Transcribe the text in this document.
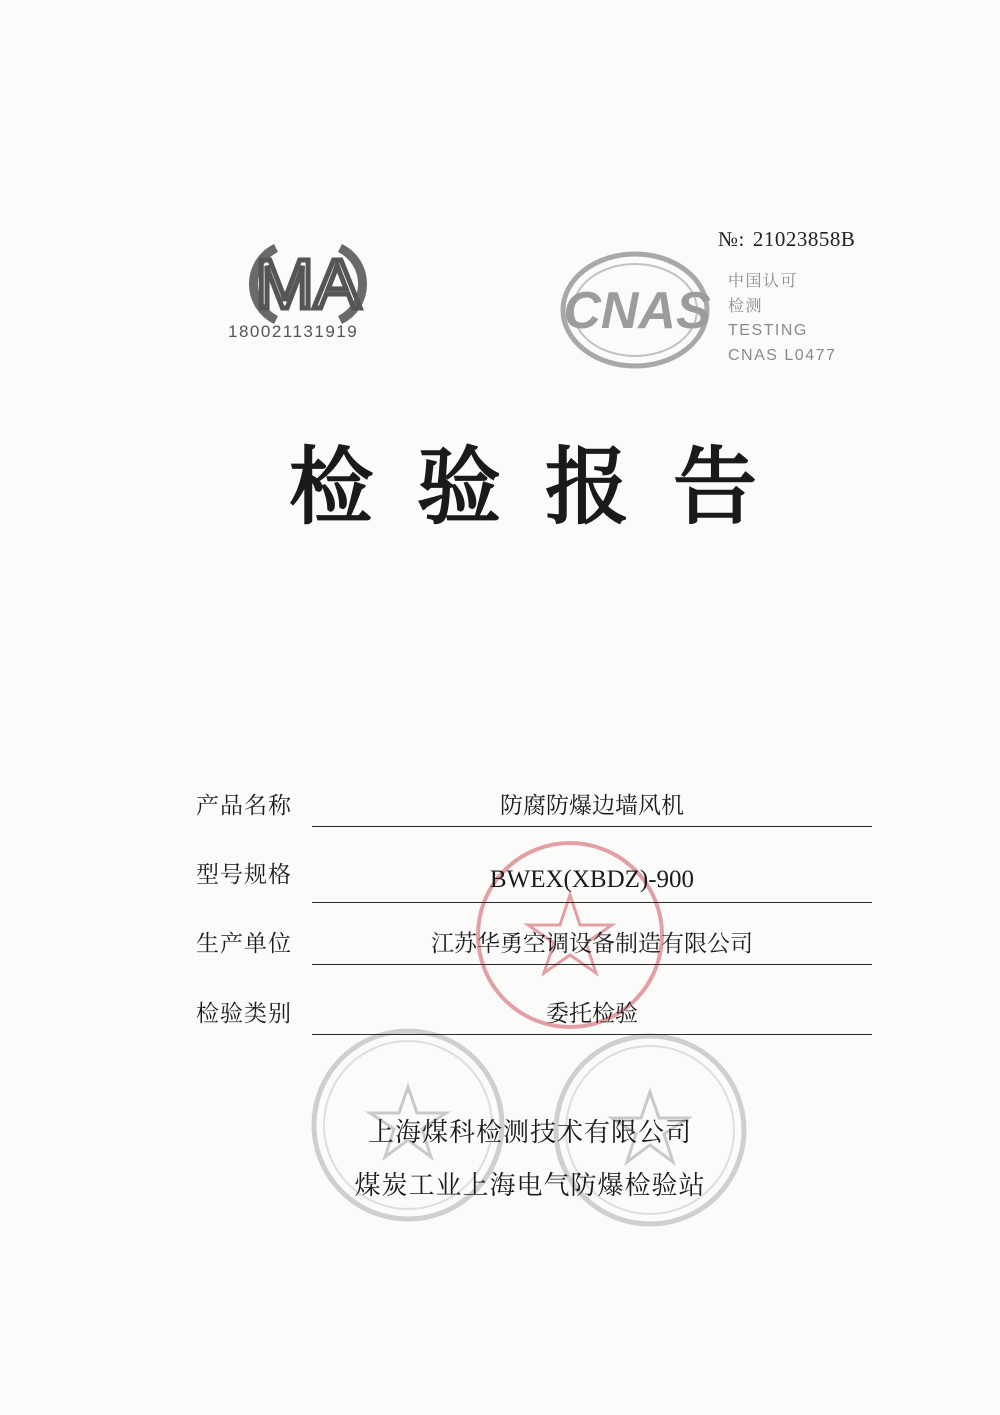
№: 21023858B
MA
180021131919	CNAS
中国认可
检测
TESTING
CNAS L0477
检验报告
产品名称	防腐防爆边墙风机
型号规格	BWEX(XBDZ)-900
生产单位	江苏华勇空调设备制造有限公司
检验类别	委托检验
上海煤科检测技术有限公司
煤炭工业上海电气防爆检验站
